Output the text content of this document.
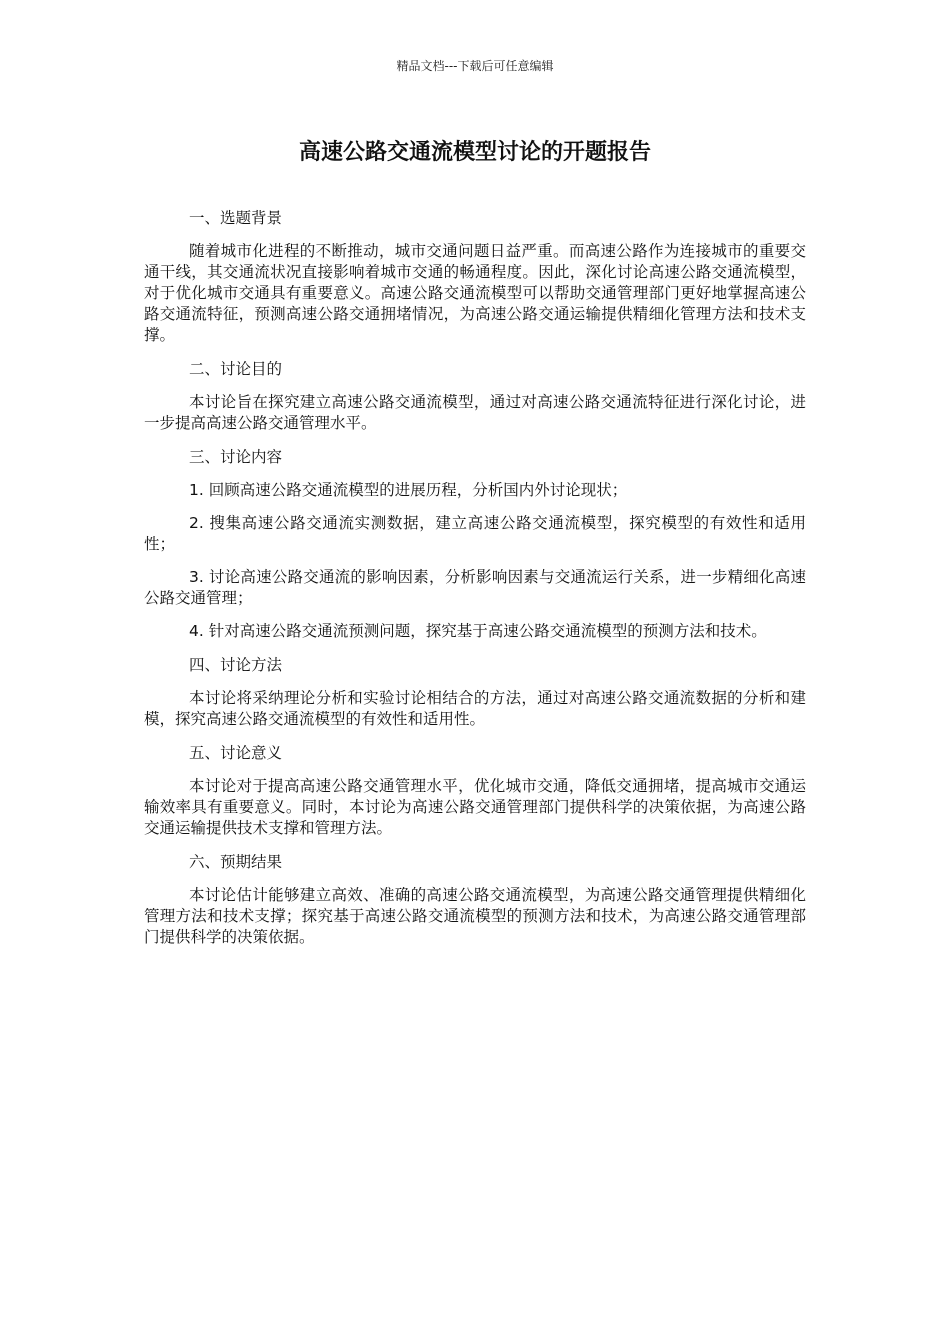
精品文档---下载后可任意编辑
高速公路交通流模型讨论的开题报告

一、选题背景

随着城市化进程的不断推动，城市交通问题日益严重。而高速公路作为连接城市的重要交通干线，其交通流状况直接影响着城市交通的畅通程度。因此，深化讨论高速公路交通流模型，对于优化城市交通具有重要意义。高速公路交通流模型可以帮助交通管理部门更好地掌握高速公路交通流特征，预测高速公路交通拥堵情况，为高速公路交通运输提供精细化管理方法和技术支撑。

二、讨论目的

本讨论旨在探究建立高速公路交通流模型，通过对高速公路交通流特征进行深化讨论，进一步提高高速公路交通管理水平。

三、讨论内容

1. 回顾高速公路交通流模型的进展历程，分析国内外讨论现状；

2. 搜集高速公路交通流实测数据，建立高速公路交通流模型，探究模型的有效性和适用性；

3. 讨论高速公路交通流的影响因素，分析影响因素与交通流运行关系，进一步精细化高速公路交通管理；

4. 针对高速公路交通流预测问题，探究基于高速公路交通流模型的预测方法和技术。

四、讨论方法

本讨论将采纳理论分析和实验讨论相结合的方法，通过对高速公路交通流数据的分析和建模，探究高速公路交通流模型的有效性和适用性。

五、讨论意义

本讨论对于提高高速公路交通管理水平，优化城市交通，降低交通拥堵，提高城市交通运输效率具有重要意义。同时，本讨论为高速公路交通管理部门提供科学的决策依据，为高速公路交通运输提供技术支撑和管理方法。

六、预期结果

本讨论估计能够建立高效、准确的高速公路交通流模型，为高速公路交通管理提供精细化管理方法和技术支撑；探究基于高速公路交通流模型的预测方法和技术，为高速公路交通管理部门提供科学的决策依据。
